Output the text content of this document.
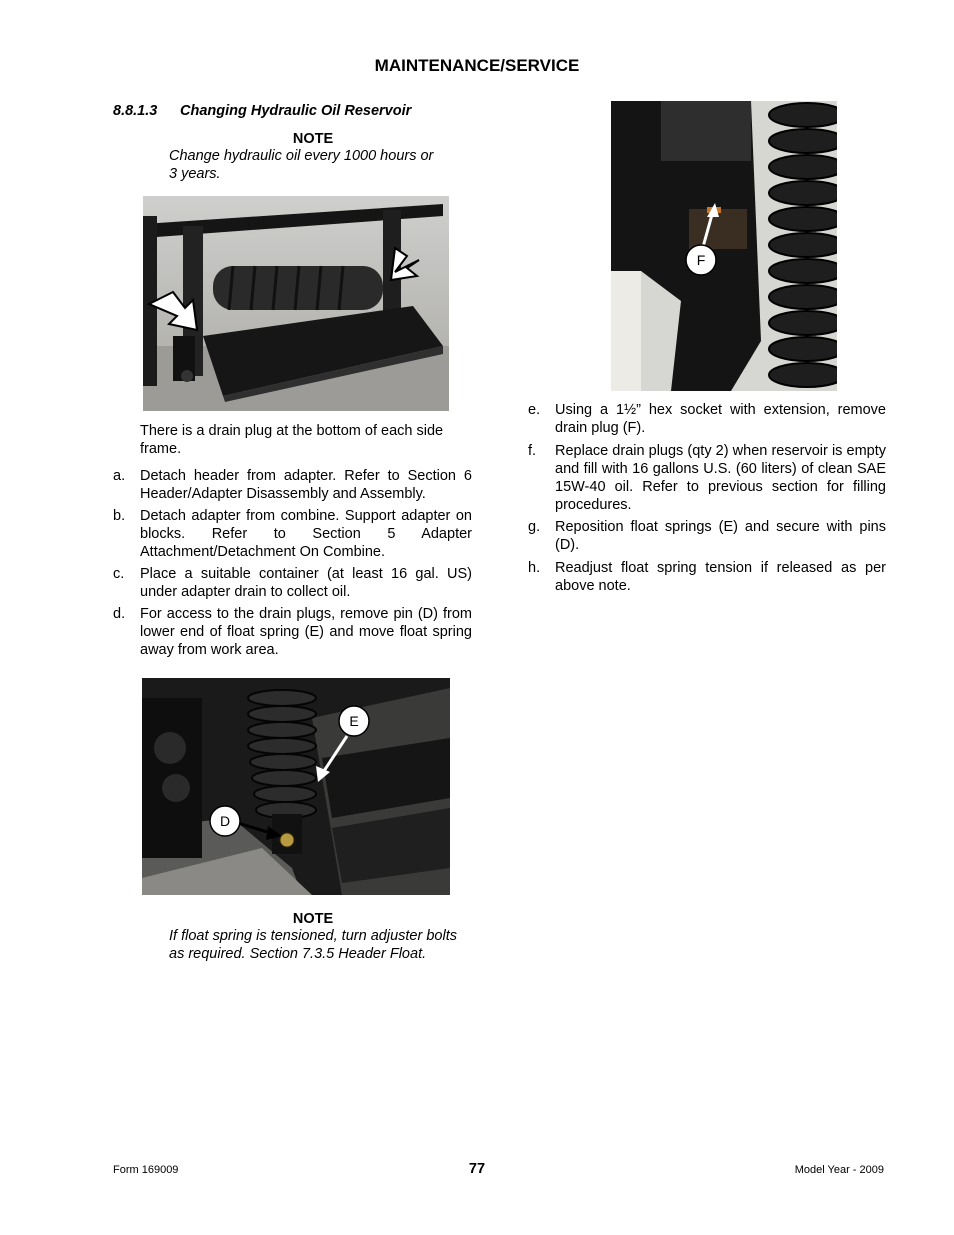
MAINTENANCE/SERVICE
8.8.1.3 Changing Hydraulic Oil Reservoir
NOTE
Change hydraulic oil every 1000 hours or
3 years.
There is a drain plug at the bottom of each side
frame.
a.	Detach header from adapter. Refer to Section 6 Header/Adapter Disassembly and Assembly.
b.	Detach adapter from combine. Support adapter on blocks. Refer to Section 5 Adapter Attachment/Detachment On Combine.
c.	Place a suitable container (at least 16 gal. US) under adapter drain to collect oil.
d.	For access to the drain plugs, remove pin (D) from lower end of float spring (E) and move float spring away from work area.
E
D
NOTE
If float spring is tensioned, turn adjuster bolts as required. Section 7.3.5 Header Float.
F
e.	Using a 1½” hex socket with extension, remove drain plug (F).
f.	Replace drain plugs (qty 2) when reservoir is empty and fill with 16 gallons U.S. (60 liters) of clean SAE 15W-40 oil. Refer to previous section for filling procedures.
g.	Reposition float springs (E) and secure with pins (D).
h.	Readjust float spring tension if released as per above note.
Form 169009	77	Model Year - 2009
